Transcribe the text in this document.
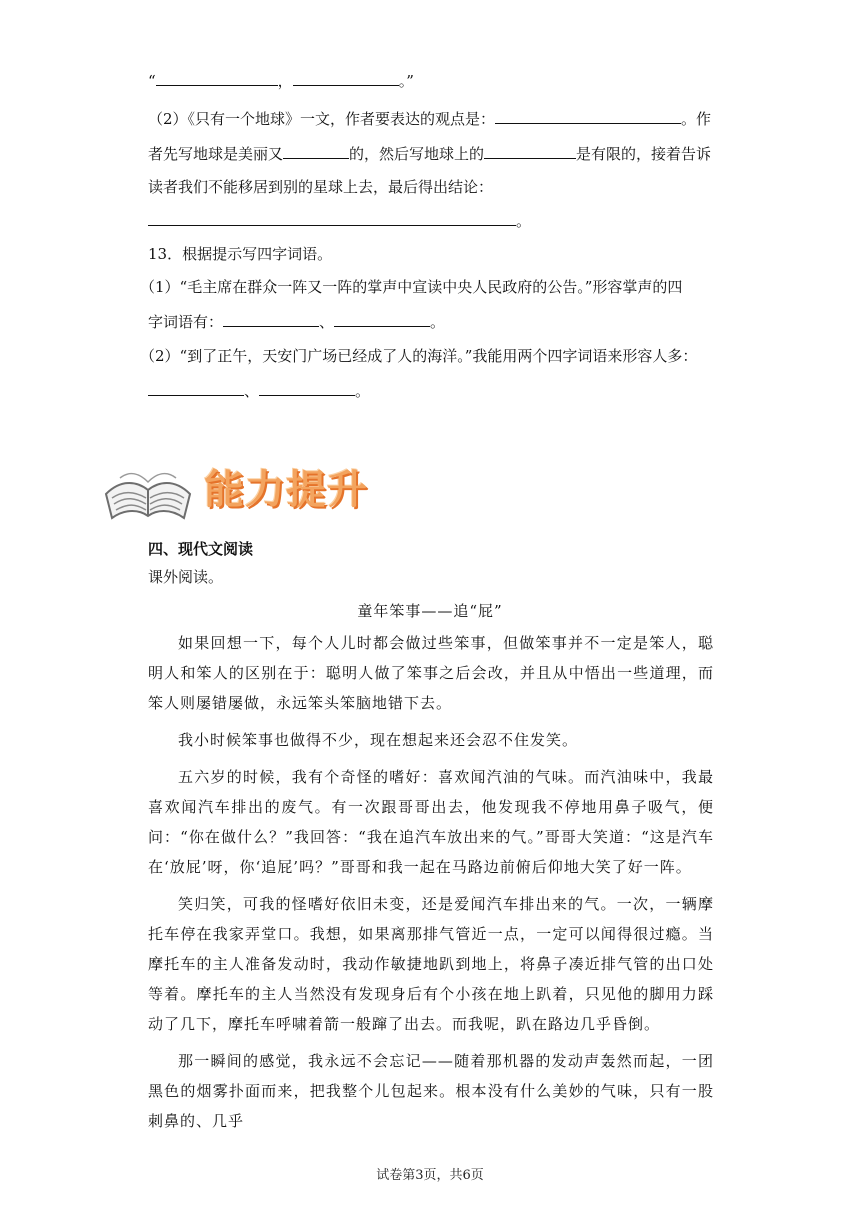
“	，	。”
（2）《只有一个地球》一文，作者要表达的观点是：	。作
者先写地球是美丽又	的，然后写地球上的	是有限的，接着告诉
读者我们不能移居到别的星球上去，最后得出结论：
。
13．根据提示写四字词语。
（1）“毛主席在群众一阵又一阵的掌声中宣读中央人民政府的公告。”形容掌声的四
字词语有：	、	。
（2）“到了正午，天安门广场已经成了人的海洋。”我能用两个四字词语来形容人多：
、	。
能力提升
四、现代文阅读
课外阅读。
童年笨事——追“屁”

如果回想一下，每个人儿时都会做过些笨事，但做笨事并不一定是笨人，聪明人和笨人的区别在于：聪明人做了笨事之后会改，并且从中悟出一些道理，而笨人则屡错屡做，永远笨头笨脑地错下去。

我小时候笨事也做得不少，现在想起来还会忍不住发笑。

五六岁的时候，我有个奇怪的嗜好：喜欢闻汽油的气味。而汽油味中，我最喜欢闻汽车排出的废气。有一次跟哥哥出去，他发现我不停地用鼻子吸气，便问：“你在做什么？”我回答：“我在追汽车放出来的气。”哥哥大笑道：“这是汽车在‘放屁’呀，你‘追屁’吗？”哥哥和我一起在马路边前俯后仰地大笑了好一阵。

笑归笑，可我的怪嗜好依旧未变，还是爱闻汽车排出来的气。一次，一辆摩托车停在我家弄堂口。我想，如果离那排气管近一点，一定可以闻得很过瘾。当摩托车的主人准备发动时，我动作敏捷地趴到地上，将鼻子凑近排气管的出口处等着。摩托车的主人当然没有发现身后有个小孩在地上趴着，只见他的脚用力踩动了几下，摩托车呼啸着箭一般蹿了出去。而我呢，趴在路边几乎昏倒。

那一瞬间的感觉，我永远不会忘记——随着那机器的发动声轰然而起，一团黑色的烟雾扑面而来，把我整个儿包起来。根本没有什么美妙的气味，只有一股刺鼻的、几乎

试卷第3页，共6页
